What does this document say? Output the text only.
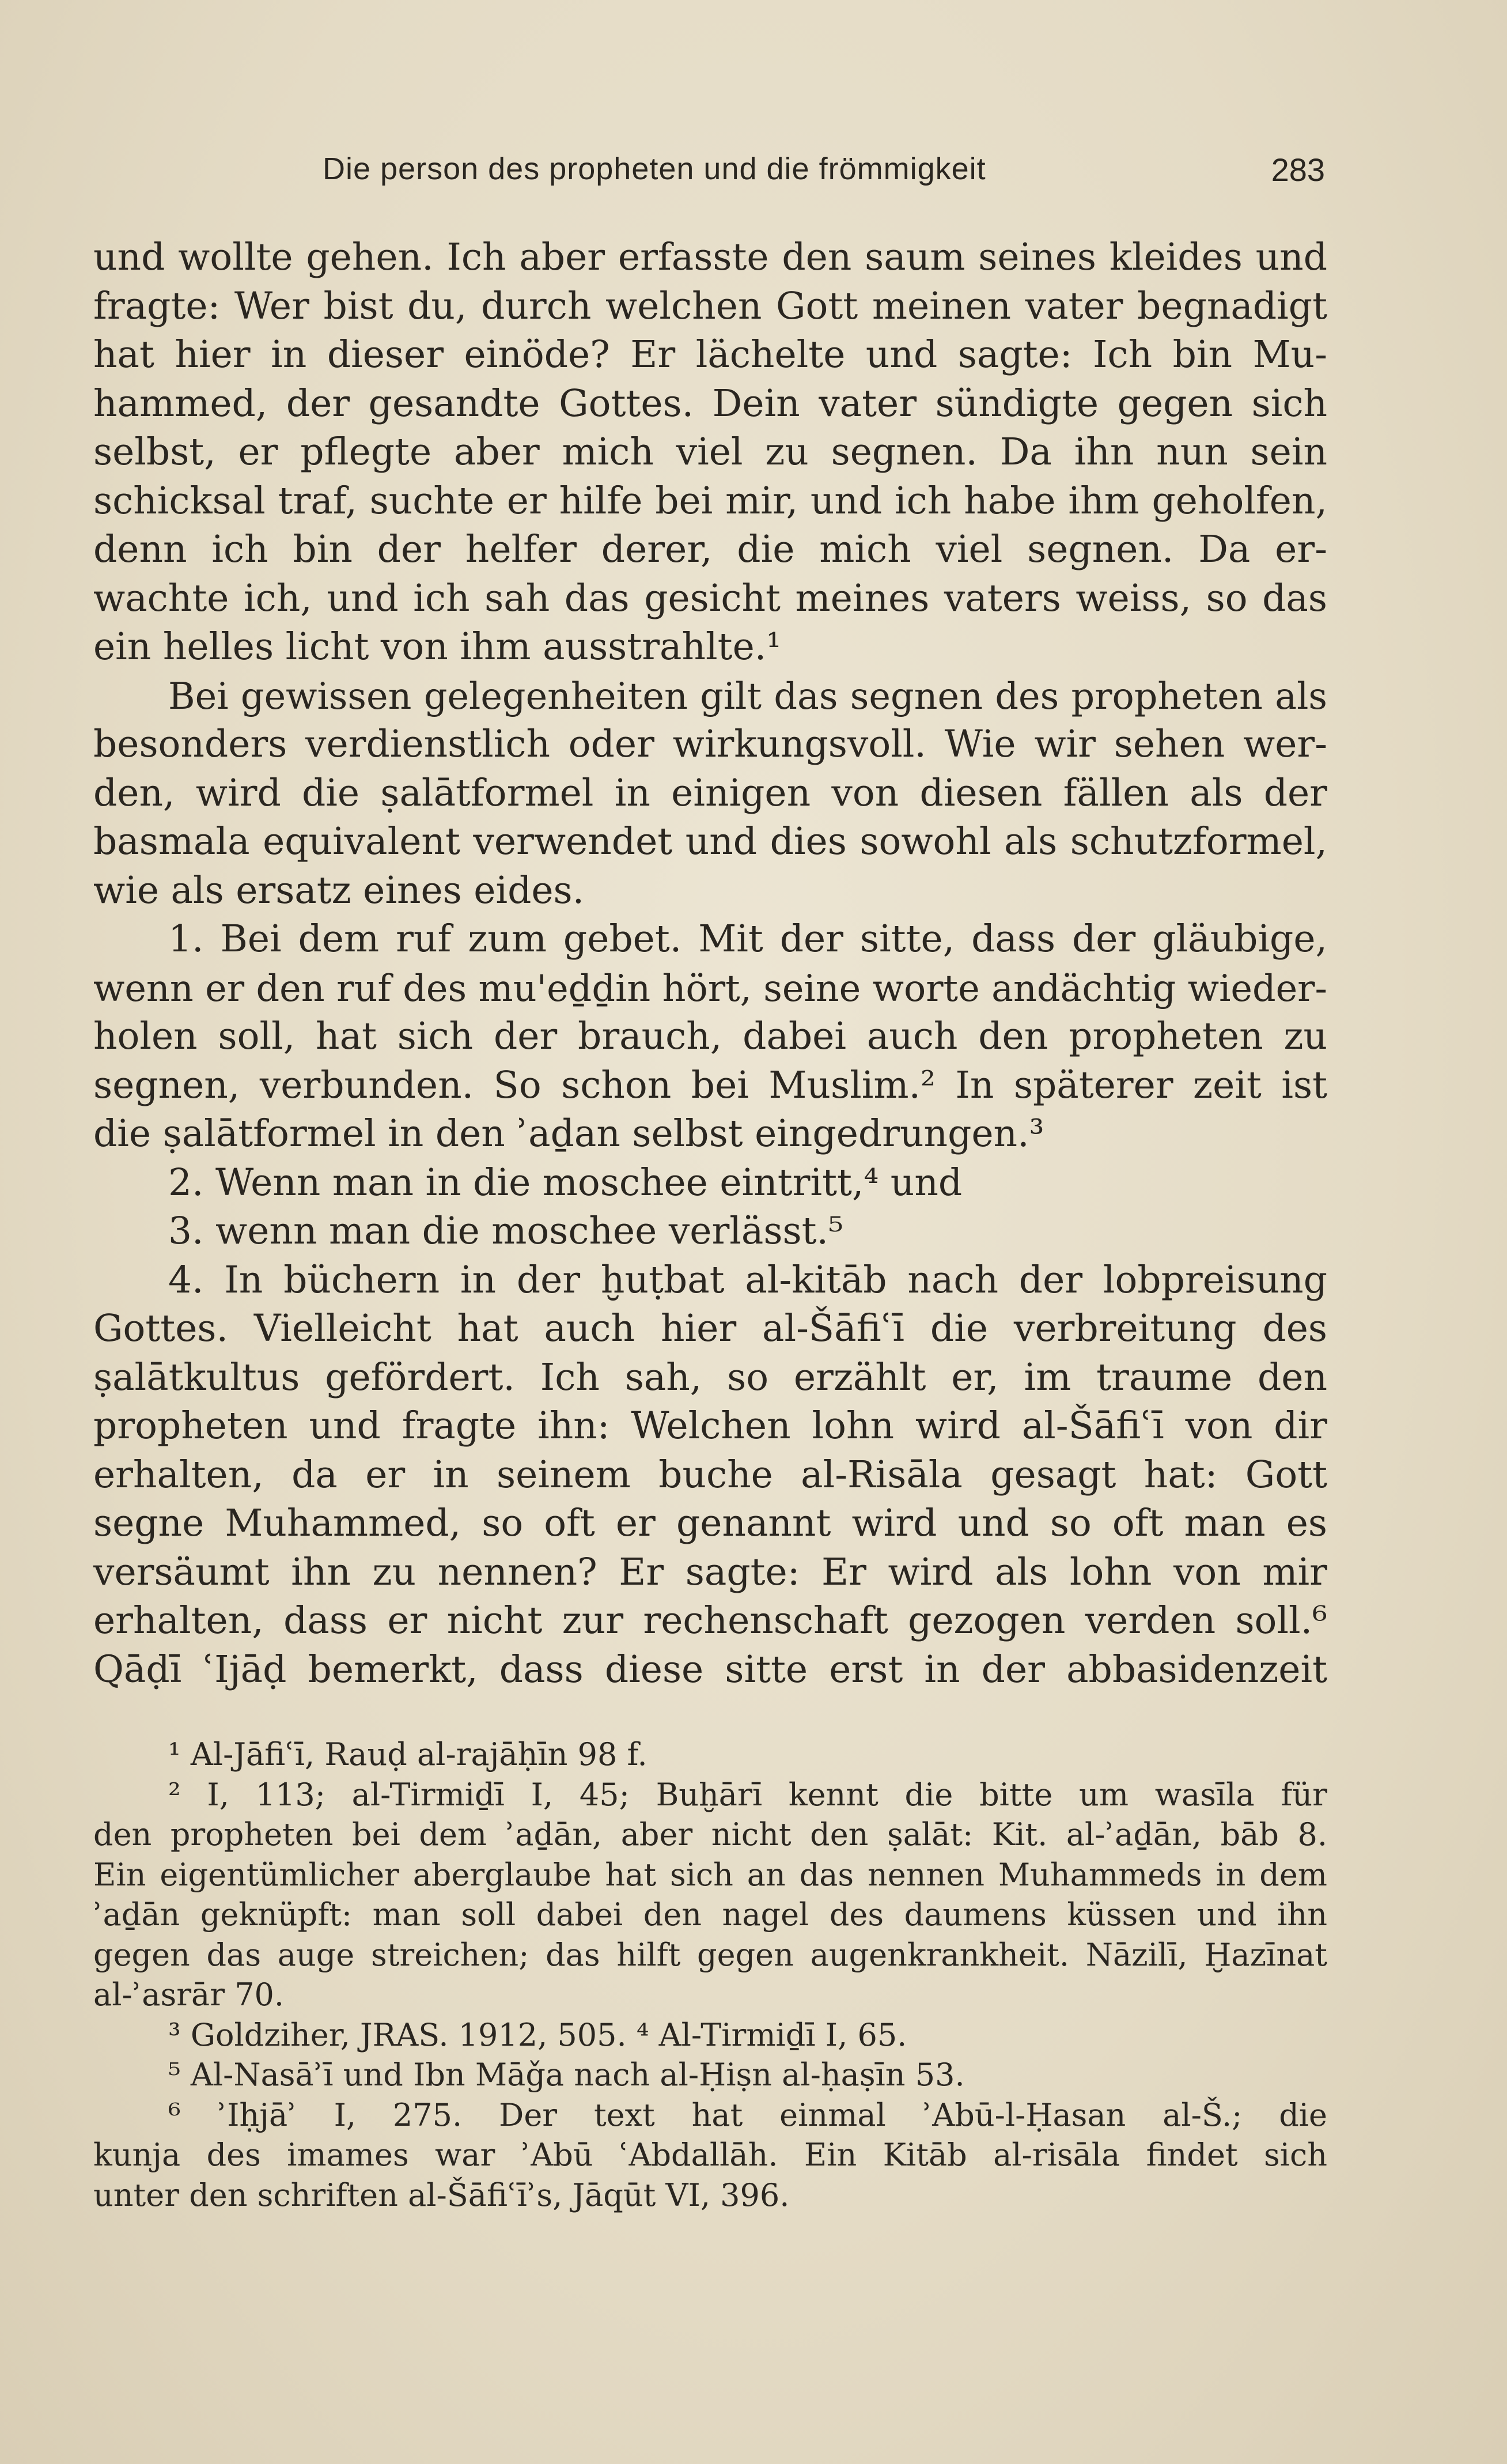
Die person des propheten und die frömmigkeit	283
und wollte gehen. Ich aber erfasste den saum seines kleides und
fragte: Wer bist du, durch welchen Gott meinen vater begnadigt
hat hier in dieser einöde? Er lächelte und sagte: Ich bin Mu-
hammed, der gesandte Gottes. Dein vater sündigte gegen sich
selbst, er pflegte aber mich viel zu segnen. Da ihn nun sein
schicksal traf, suchte er hilfe bei mir, und ich habe ihm geholfen,
denn ich bin der helfer derer, die mich viel segnen. Da er-
wachte ich, und ich sah das gesicht meines vaters weiss, so das
ein helles licht von ihm ausstrahlte.¹
Bei gewissen gelegenheiten gilt das segnen des propheten als
besonders verdienstlich oder wirkungsvoll. Wie wir sehen wer-
den, wird die ṣalātformel in einigen von diesen fällen als der
basmala equivalent verwendet und dies sowohl als schutzformel,
wie als ersatz eines eides.
1. Bei dem ruf zum gebet. Mit der sitte, dass der gläubige,
wenn er den ruf des mu'eḏḏin hört, seine worte andächtig wieder-
holen soll, hat sich der brauch, dabei auch den propheten zu
segnen, verbunden. So schon bei Muslim.² In späterer zeit ist
die ṣalātformel in den ʾaḏan selbst eingedrungen.³
2. Wenn man in die moschee eintritt,⁴ und
3. wenn man die moschee verlässt.⁵
4. In büchern in der ḫuṭbat al-kitāb nach der lobpreisung
Gottes. Vielleicht hat auch hier al-Šāfiʿī die verbreitung des
ṣalātkultus gefördert. Ich sah, so erzählt er, im traume den
propheten und fragte ihn: Welchen lohn wird al-Šāfiʿī von dir
erhalten, da er in seinem buche al-Risāla gesagt hat: Gott
segne Muhammed, so oft er genannt wird und so oft man es
versäumt ihn zu nennen? Er sagte: Er wird als lohn von mir
erhalten, dass er nicht zur rechenschaft gezogen verden soll.⁶
Qāḍī ʿIjāḍ bemerkt, dass diese sitte erst in der abbasidenzeit
¹ Al-Jāfiʿī, Rauḍ al-rajāḥīn 98 f.
² I, 113; al-Tirmiḏī I, 45; Buḫārī kennt die bitte um wasīla für
den propheten bei dem ʾaḏān, aber nicht den ṣalāt: Kit. al-ʾaḏān, bāb 8.
Ein eigentümlicher aberglaube hat sich an das nennen Muhammeds in dem
ʾaḏān geknüpft: man soll dabei den nagel des daumens küssen und ihn
gegen das auge streichen; das hilft gegen augenkrankheit. Nāzilī, Ḫazīnat
al-ʾasrār 70.
³ Goldziher, JRAS. 1912, 505. ⁴ Al-Tirmiḏī I, 65.
⁵ Al-Nasāʾī und Ibn Māǧa nach al-Ḥiṣn al-ḥaṣīn 53.
⁶ ʾIḥjāʾ I, 275. Der text hat einmal ʾAbū-l-Ḥasan al-Š.; die
kunja des imames war ʾAbū ʿAbdallāh. Ein Kitāb al-risāla findet sich
unter den schriften al-Šāfiʿīʾs, Jāqūt VI, 396.
